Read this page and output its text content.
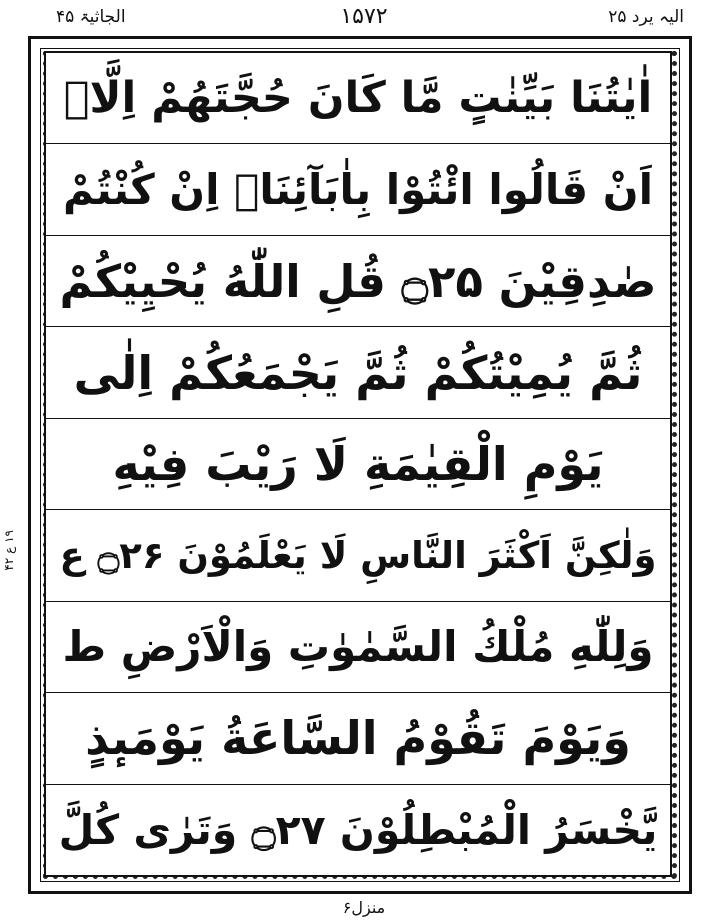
الیہ یرد ۲۵
۱۵۷۲
الجاثیۃ ۴۵
اٰیٰتُنَا بَیِّنٰتٍ مَّا كَانَ حُجَّتَهُمْ اِلَّاۤ
اَنْ قَالُوا ائْتُوْا بِاٰبَآئِنَاۤ اِنْ كُنْتُمْ
صٰدِقِیْنَ ۝۲۵ قُلِ اللّٰهُ یُحْیِیْكُمْ
ثُمَّ یُمِیْتُكُمْ ثُمَّ یَجْمَعُكُمْ اِلٰى
یَوْمِ الْقِیٰمَةِ لَا رَیْبَ فِیْهِ
وَلٰكِنَّ اَكْثَرَ النَّاسِ لَا یَعْلَمُوْنَ ۝۲۶ ع
وَلِلّٰهِ مُلْكُ السَّمٰوٰتِ وَالْاَرْضِ ط
وَیَوْمَ تَقُوْمُ السَّاعَةُ یَوْمَىٕذٍ
یَّخْسَرُ الْمُبْطِلُوْنَ ۝۲۷ وَتَرٰى كُلَّ
۱۹ ع ۴۲
منزل۶
